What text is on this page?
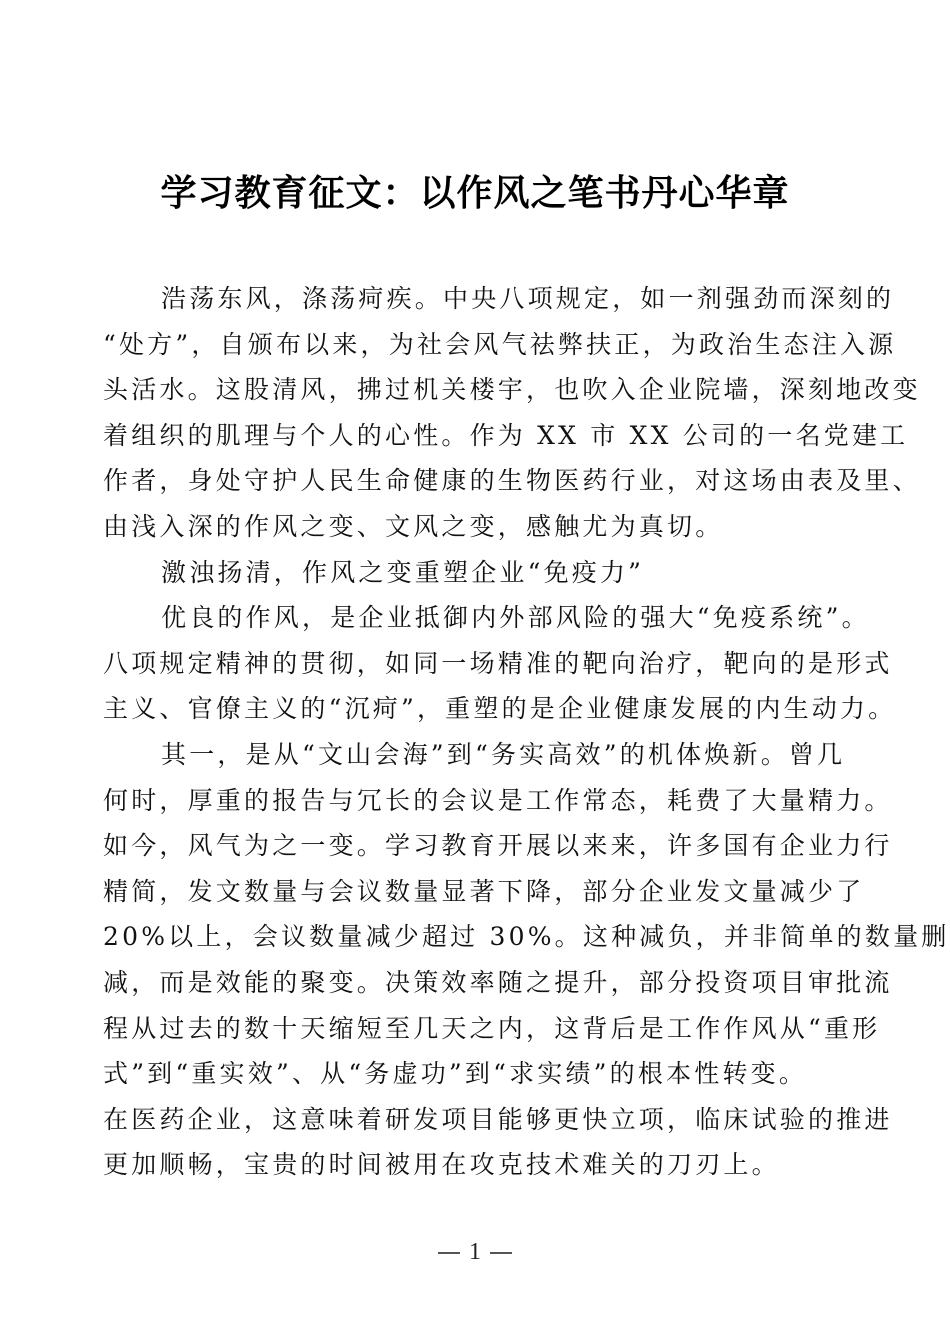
学习教育征文：以作风之笔书丹心华章
浩荡东风，涤荡疴疾。中央八项规定，如一剂强劲而深刻的
“处方”，自颁布以来，为社会风气祛弊扶正，为政治生态注入源
头活水。这股清风，拂过机关楼宇，也吹入企业院墙，深刻地改变
着组织的肌理与个人的心性。作为 XX 市 XX 公司的一名党建工
作者，身处守护人民生命健康的生物医药行业，对这场由表及里、
由浅入深的作风之变、文风之变，感触尤为真切。
激浊扬清，作风之变重塑企业“免疫力”
优良的作风，是企业抵御内外部风险的强大“免疫系统”。
八项规定精神的贯彻，如同一场精准的靶向治疗，靶向的是形式
主义、官僚主义的“沉疴”，重塑的是企业健康发展的内生动力。
其一，是从“文山会海”到“务实高效”的机体焕新。曾几
何时，厚重的报告与冗长的会议是工作常态，耗费了大量精力。
如今，风气为之一变。学习教育开展以来来，许多国有企业力行
精简，发文数量与会议数量显著下降，部分企业发文量减少了
20%以上，会议数量减少超过 30%。这种减负，并非简单的数量删
减，而是效能的聚变。决策效率随之提升，部分投资项目审批流
程从过去的数十天缩短至几天之内，这背后是工作作风从“重形
式”到“重实效”、从“务虚功”到“求实绩”的根本性转变。
在医药企业，这意味着研发项目能够更快立项，临床试验的推进
更加顺畅，宝贵的时间被用在攻克技术难关的刀刃上。
1
